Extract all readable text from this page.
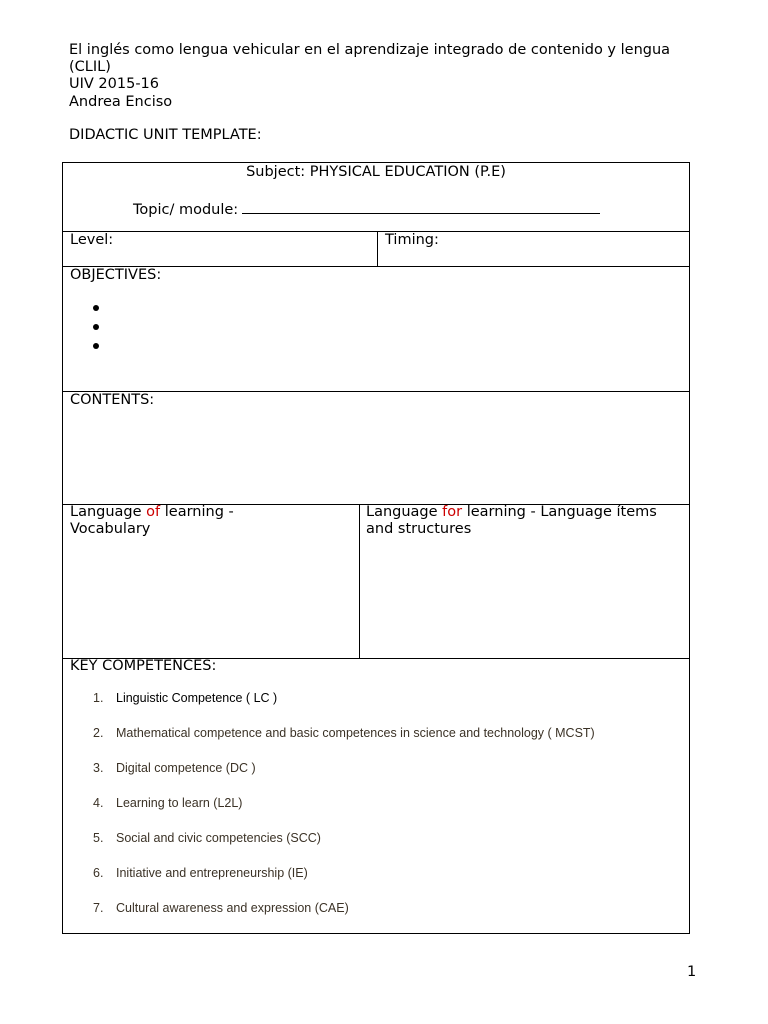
El inglés como lengua vehicular en el aprendizaje integrado de contenido y lengua (CLIL)
UIV 2015-16
Andrea Enciso
DIDACTIC UNIT TEMPLATE:
Subject: PHYSICAL EDUCATION (P.E)
Topic/ module:
Level:	Timing:
OBJECTIVES:
CONTENTS:
Language of learning -
Vocabulary
Language for learning - Language ítems and structures
KEY COMPETENCES:
1. Linguistic Competence ( LC )
2. Mathematical competence and basic competences in science and technology ( MCST)
3. Digital competence (DC )
4. Learning to learn (L2L)
5. Social and civic competencies (SCC)
6. Initiative and entrepreneurship (IE)
7. Cultural awareness and expression (CAE)
1
